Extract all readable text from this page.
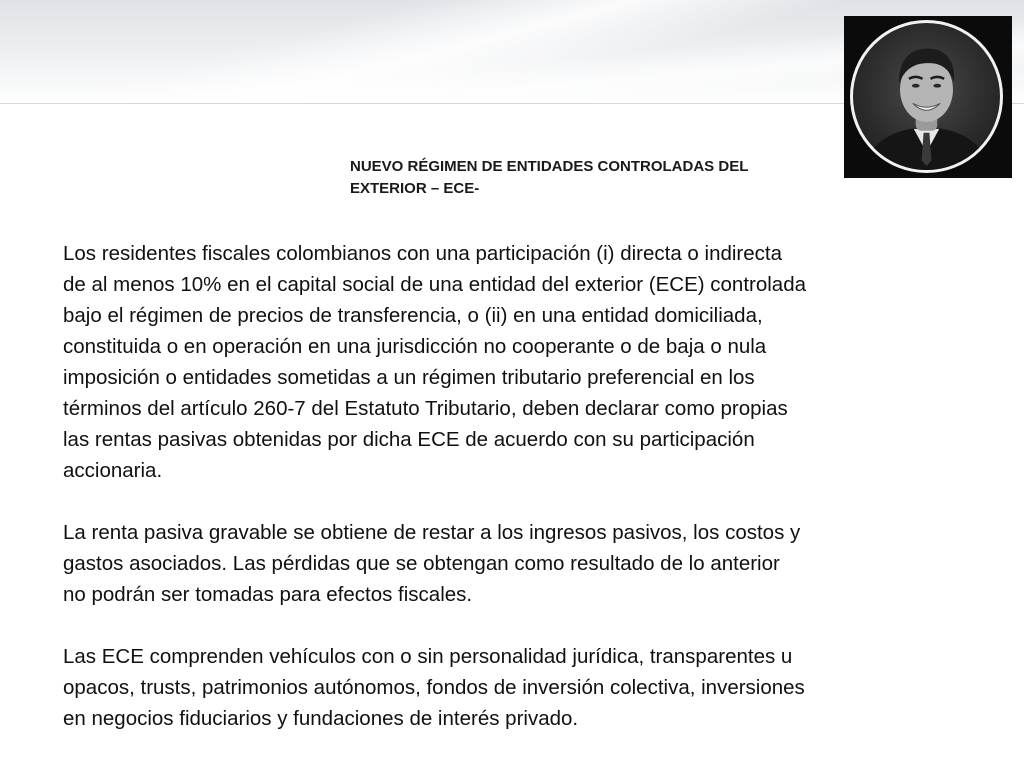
NUEVO RÉGIMEN DE ENTIDADES CONTROLADAS DEL EXTERIOR – ECE-

Los residentes fiscales colombianos con una participación (i) directa o indirecta de al menos 10% en el capital social de una entidad del exterior (ECE) controlada bajo el régimen de precios de transferencia, o (ii) en una entidad domiciliada, constituida o en operación en una jurisdicción no cooperante o de baja o nula imposición o entidades sometidas a un régimen tributario preferencial en los términos del artículo 260-7 del Estatuto Tributario, deben declarar como propias las rentas pasivas obtenidas por dicha ECE de acuerdo con su participación accionaria.

La renta pasiva gravable se obtiene de restar a los ingresos pasivos, los costos y gastos asociados. Las pérdidas que se obtengan como resultado de lo anterior no podrán ser tomadas para efectos fiscales.

Las ECE comprenden vehículos con o sin personalidad jurídica, transparentes u opacos, trusts, patrimonios autónomos, fondos de inversión colectiva, inversiones en negocios fiduciarios y fundaciones de interés privado.
